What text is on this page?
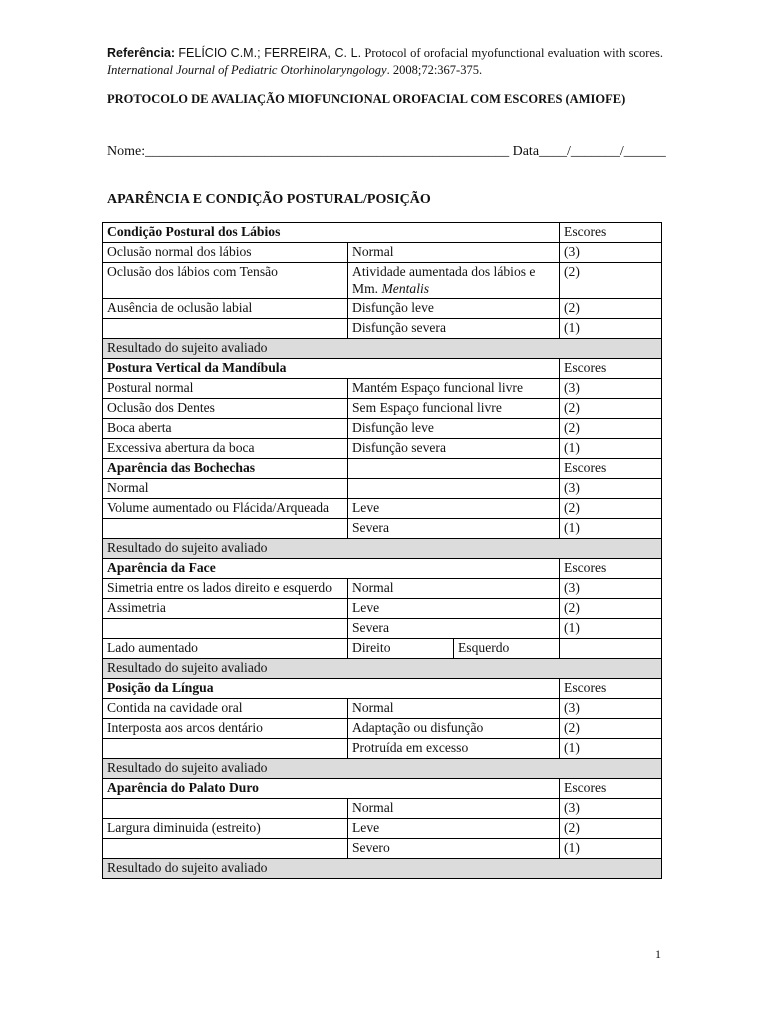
Referência: FELÍCIO C.M.; FERREIRA, C. L. Protocol of orofacial myofunctional evaluation with scores. International Journal of Pediatric Otorhinolaryngology. 2008;72:367-375.
PROTOCOLO DE AVALIAÇÃO MIOFUNCIONAL OROFACIAL COM ESCORES (AMIOFE)
Nome:____________________________________________________ Data____/_______/______
APARÊNCIA E CONDIÇÃO POSTURAL/POSIÇÃO
Condição Postural dos Lábios			Escores
Oclusão normal dos lábios	Normal		(3)
Oclusão dos lábios com Tensão	Atividade aumentada dos lábios e Mm. Mentalis		(2)
Ausência de oclusão labial	Disfunção leve		(2)
	Disfunção severa		(1)
Resultado do sujeito avaliado			
Postura Vertical da Mandíbula			Escores
Postural normal	Mantém Espaço funcional livre		(3)
Oclusão dos Dentes	Sem Espaço funcional livre		(2)
Boca aberta	Disfunção leve		(2)
Excessiva abertura da boca	Disfunção severa		(1)
Aparência das Bochechas			Escores
Normal			(3)
Volume aumentado ou Flácida/Arqueada	Leve		(2)
	Severa		(1)
Resultado do sujeito avaliado			
Aparência da Face			Escores
Simetria entre os lados direito e esquerdo	Normal		(3)
Assimetria	Leve		(2)
	Severa		(1)
Lado aumentado	Direito	Esquerdo	
Resultado do sujeito avaliado			
Posição da Língua			Escores
Contida na cavidade oral	Normal		(3)
Interposta aos arcos dentário	Adaptação ou disfunção		(2)
	Protruída em excesso		(1)
Resultado do sujeito avaliado			
Aparência do Palato Duro			Escores
	Normal		(3)
Largura diminuida (estreito)	Leve		(2)
	Severo		(1)
Resultado do sujeito avaliado			
1
